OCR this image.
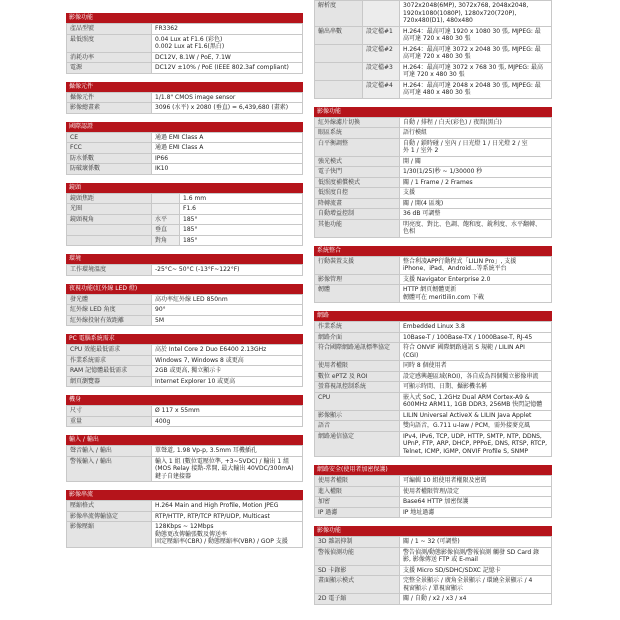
影像功能
產品型號	FR3362

最低照度	0.04 Lux at F1.6 (彩色)
0.002 Lux at F1.6(黑白)

消耗功率	DC12V, 8.1W / PoE, 7.1W

電源	DC12V ±10% / PoE (IEEE 802.3af compliant)
攝像元件
攝像元件	1/1.8" CMOS image sensor

影像總畫素	3096 (水平) x 2080 (垂直) = 6,439,680 (畫素)
國際認證
CE	通過 EMI Class A

FCC	通過 EMI Class A

防水係數	IP66

防破壞係數	IK10
鏡頭
鏡頭焦距		1.6 mm

光圈		F1.6

鏡頭視角	水平	185°

	垂直	185°

	對角	185°
環境
工作環境溫度	-25°C~ 50°C (-13°F~122°F)
夜視功能(紅外線 LED 燈)
發光體	高功率紅外線 LED 850nm

紅外線 LED 角度	90°

紅外線投射有效距離	5M
PC 電腦系統需求
CPU 效能最低需求	高於 Intel Core 2 Duo E6400 2.13GHz

作業系統需求	Windows 7, Windows 8 或更高

RAM 記憶體最低需求	2GB 或更高, 獨立顯示卡

網頁瀏覽器	Internet Explorer 10 或更高
機身
尺寸	Ø 117 x 55mm

重量	400g
輸入 / 輸出
聲音輸入 / 輸出	單聲道, 1.98 Vp-p, 3.5mm 耳機插孔

警報輸入 / 輸出	輸入 1 組 (數位電壓位準, +3~5VDC) / 輸出 1 組
(MOS Relay 接點-常開, 最大輸出 40VDC/300mA)
鍵子自建接器
影像串流
壓縮格式	H.264 Main and High Profile, Motion JPEG

影像串流傳輸協定	RTP/HTTP, RTP/TCP RTP/UDP, Multicast

影像壓縮	128Kbps ~ 12Mbps
動態更改傳輸張數及傳送率
固定壓縮率(CBR) / 動態壓縮率(VBR) / GOP 支援
解析度		3072x2048(6MP), 3072x768, 2048x2048,
1920x1080(1080P), 1280x720(720P),
720x480(D1), 480x480

輸出串數	設定檔#1	H.264：最高可達 1920 x 1080 30 張, MJPEG: 最
高可達 720 x 480 30 張

	設定檔#2	H.264：最高可達 3072 x 2048 30 張, MJPEG: 最
高可達 720 x 480 30 張

	設定檔#3	H.264：最高可達 3072 x 768 30 張, MJPEG: 最高
可達 720 x 480 30 張

	設定檔#4	H.264：最高可達 2048 x 2048 30 張, MJPEG: 最
高可達 480 x 480 30 張
影像功能
紅外線濾片切換	自動 / 排程 / 白天(彩色) / 夜間(黑白)

眼區系統	語行模組

白平衡調整	自動 / 鎖時碰 / 室內 / 日光燈 1 / 日光燈 2 / 室
外 1 / 室外 2

強光模式	開 / 關

電子快門	1/30(1/25)秒 ~ 1/30000 秒

低照度補償模式	關 / 1 Frame / 2 Frames

低照度自控	支援

降轉流畫	關 / 開(4 區塊)

自動增益控制	36 dB 可調整

其他功能	明亮度、對比、色調、飽和度、銳利度、水平翻轉、
色相
系統整合
行動裝置支援	整合利凌APP行動程式「LILIN Pro」, 支援
iPhone、iPad、Android...等系統平台

影像管理	支援 Navigator Enterprise 2.0

韌體	HTTP 網頁韌體更新
韌體可在 meritlilin.com 下載
網路
作業系統	Embedded Linux 3.8

網路介面	10Base-T / 100Base-TX / 1000Base-T, RJ-45

符合國際網路通訊標準協定	符合 ONVIF 國際網路通訊 S 規範 / LILIN API
(CGI)

使用者權限	同時 8 個使用者

數位 ePTZ 及 ROI	設定感興趣區域(ROI)，各自成為四個獨立影像串流

螢幕視訊控制系統	可顯示時間、日期、攝影機名稱

CPU	嵌入式 SoC, 1.2GHz Dual ARM Cortex-A9 &
600MHz ARM11, 1GB DDR3, 256MB 快閃記憶體

影像顯示	LILIN Universal ActiveX & LILIN Java Applet

語音	雙向語音，G.711 u-law / PCM，需外接麥克風

網路通信協定	IPv4, IPv6, TCP, UDP, HTTP, SMTP, NTP, DDNS,
UPnP, FTP, ARP, DHCP, PPPoE, DNS, RTSP, RTCP,
Telnet, ICMP, IGMP, ONVIF Profile S, SNMP
網路安全(使用者加密保護)
使用者權限	可編輯 10 組使用者權限及密碼

進入權限	使用者權限管理/設定

加密	Base64 HTTP 加密保護

IP 過濾	IP 地址過濾
影像功能
3D 雜訊抑制	關 / 1 ~ 32 (可調整)

警報偵測功能	警告偵測/動態影像偵測/警報偵測 觸發 SD Card 錄
影, 影像傳送 FTP 或 E-mail

SD 卡錄影	支援 Micro SD/SDHC/SDXC 記憶卡

畫面顯示模式	完整全景顯示 / 廣角全景顯示 / 環繞全景顯示 / 4
視窗顯示 / 單視窗顯示

2D 電子縮	關 / 自動 / x2 / x3 / x4
